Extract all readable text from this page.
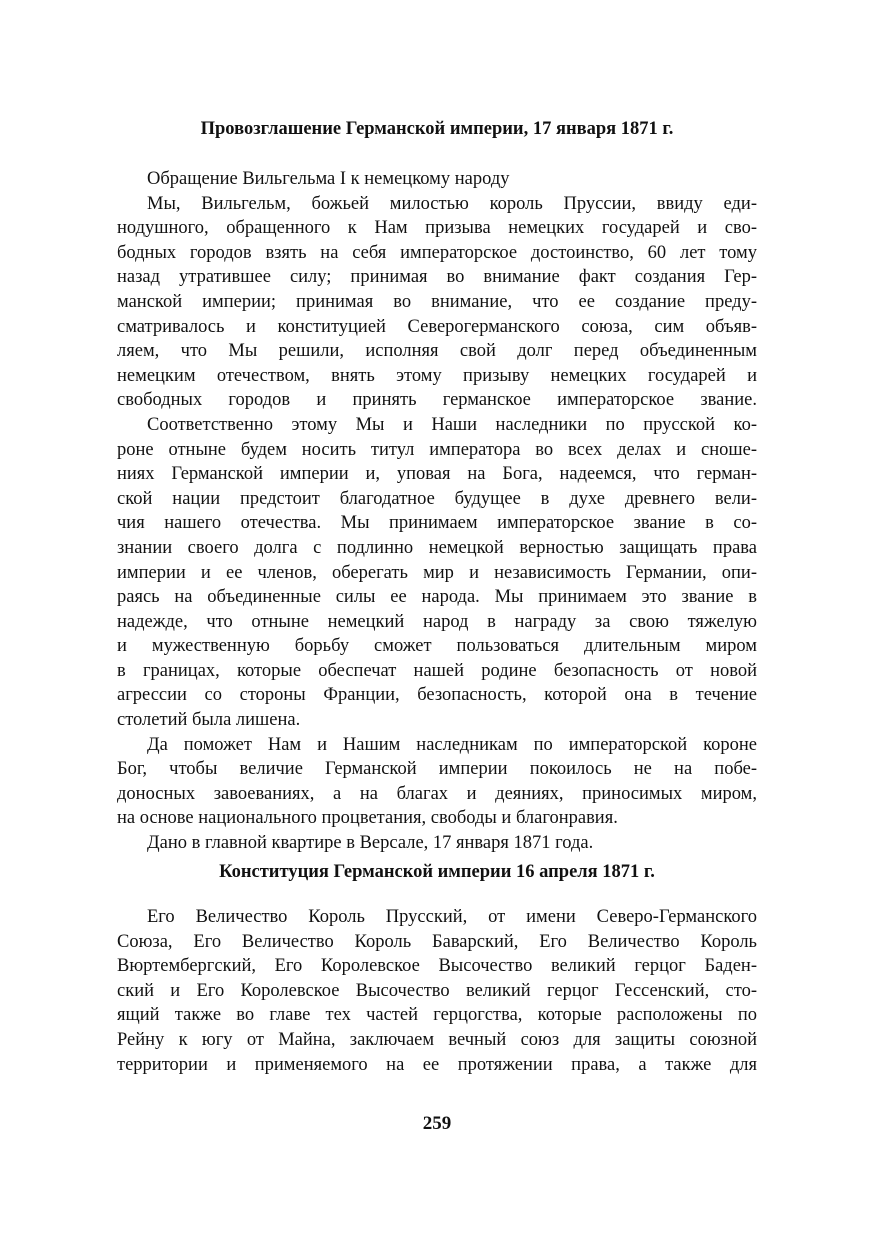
Провозглашение Германской империи, 17 января 1871 г.
Обращение Вильгельма I к немецкому народу
Мы, Вильгельм, божьей милостью король Пруссии, ввиду еди-
нодушного, обращенного к Нам призыва немецких государей и сво-
бодных городов взять на себя императорское достоинство, 60 лет тому
назад утратившее силу; принимая во внимание факт создания Гер-
манской империи; принимая во внимание, что ее создание преду-
сматривалось и конституцией Северогерманского союза, сим объяв-
ляем, что Мы решили, исполняя свой долг перед объединенным
немецким отечеством, внять этому призыву немецких государей и
свободных городов и принять германское императорское звание.
Соответственно этому Мы и Наши наследники по прусской ко-
роне отныне будем носить титул императора во всех делах и сноше-
ниях Германской империи и, уповая на Бога, надеемся, что герман-
ской нации предстоит благодатное будущее в духе древнего вели-
чия нашего отечества. Мы принимаем императорское звание в со-
знании своего долга с подлинно немецкой верностью защищать права
империи и ее членов, оберегать мир и независимость Германии, опи-
раясь на объединенные силы ее народа. Мы принимаем это звание в
надежде, что отныне немецкий народ в награду за свою тяжелую
и мужественную борьбу сможет пользоваться длительным миром
в границах, которые обеспечат нашей родине безопасность от новой
агрессии со стороны Франции, безопасность, которой она в течение
столетий была лишена.
Да поможет Нам и Нашим наследникам по императорской короне
Бог, чтобы величие Германской империи покоилось не на побе-
доносных завоеваниях, а на благах и деяниях, приносимых миром,
на основе национального процветания, свободы и благонравия.
Дано в главной квартире в Версале, 17 января 1871 года.
Конституция Германской империи 16 апреля 1871 г.
Его Величество Король Прусский, от имени Северо-Германского
Союза, Его Величество Король Баварский, Его Величество Король
Вюртембергский, Его Королевское Высочество великий герцог Баден-
ский и Его Королевское Высочество великий герцог Гессенский, сто-
ящий также во главе тех частей герцогства, которые расположены по
Рейну к югу от Майна, заключаем вечный союз для защиты союзной
территории и применяемого на ее протяжении права, а также для
259
